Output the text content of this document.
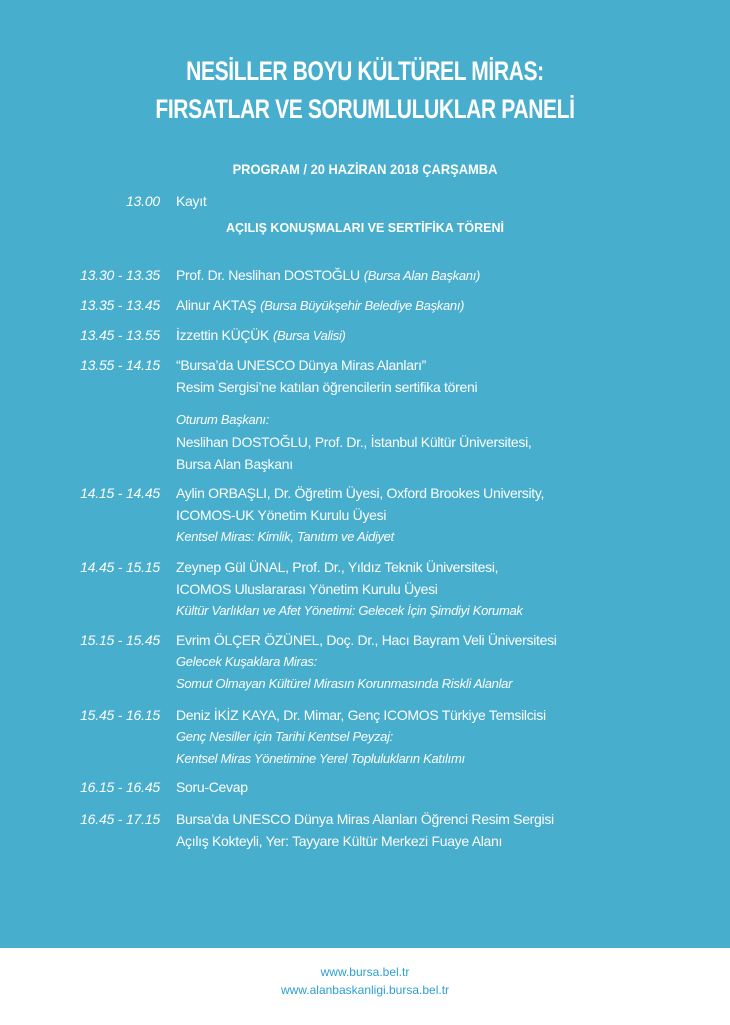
NESİLLER BOYU KÜLTÜREL MİRAS:
FIRSATLAR VE SORUMLULUKLAR PANELİ
PROGRAM / 20 HAZİRAN 2018 ÇARŞAMBA
13.00 Kayıt
AÇILIŞ KONUŞMALARI VE SERTİFİKA TÖRENİ
13.30 - 13.35 Prof. Dr. Neslihan DOSTOĞLU (Bursa Alan Başkanı)
13.35 - 13.45 Alinur AKTAŞ (Bursa Büyükşehir Belediye Başkanı)
13.45 - 13.55 İzzettin KÜÇÜK (Bursa Valisi)
13.55 - 14.15 “Bursa’da UNESCO Dünya Miras Alanları”
Resim Sergisi’ne katılan öğrencilerin sertifika töreni
Oturum Başkanı:
Neslihan DOSTOĞLU, Prof. Dr., İstanbul Kültür Üniversitesi,
Bursa Alan Başkanı
14.15 - 14.45 Aylin ORBAŞLI, Dr. Öğretim Üyesi, Oxford Brookes University,
ICOMOS-UK Yönetim Kurulu Üyesi
Kentsel Miras: Kimlik, Tanıtım ve Aidiyet
14.45 - 15.15 Zeynep Gül ÜNAL, Prof. Dr., Yıldız Teknik Üniversitesi,
ICOMOS Uluslararası Yönetim Kurulu Üyesi
Kültür Varlıkları ve Afet Yönetimi: Gelecek İçin Şimdiyi Korumak
15.15 - 15.45 Evrim ÖLÇER ÖZÜNEL, Doç. Dr., Hacı Bayram Veli Üniversitesi
Gelecek Kuşaklara Miras:
Somut Olmayan Kültürel Mirasın Korunmasında Riskli Alanlar
15.45 - 16.15 Deniz İKİZ KAYA, Dr. Mimar, Genç ICOMOS Türkiye Temsilcisi
Genç Nesiller için Tarihi Kentsel Peyzaj:
Kentsel Miras Yönetimine Yerel Toplulukların Katılımı
16.15 - 16.45 Soru-Cevap
16.45 - 17.15 Bursa’da UNESCO Dünya Miras Alanları Öğrenci Resim Sergisi
Açılış Kokteyli, Yer: Tayyare Kültür Merkezi Fuaye Alanı
www.bursa.bel.tr
www.alanbaskanligi.bursa.bel.tr
